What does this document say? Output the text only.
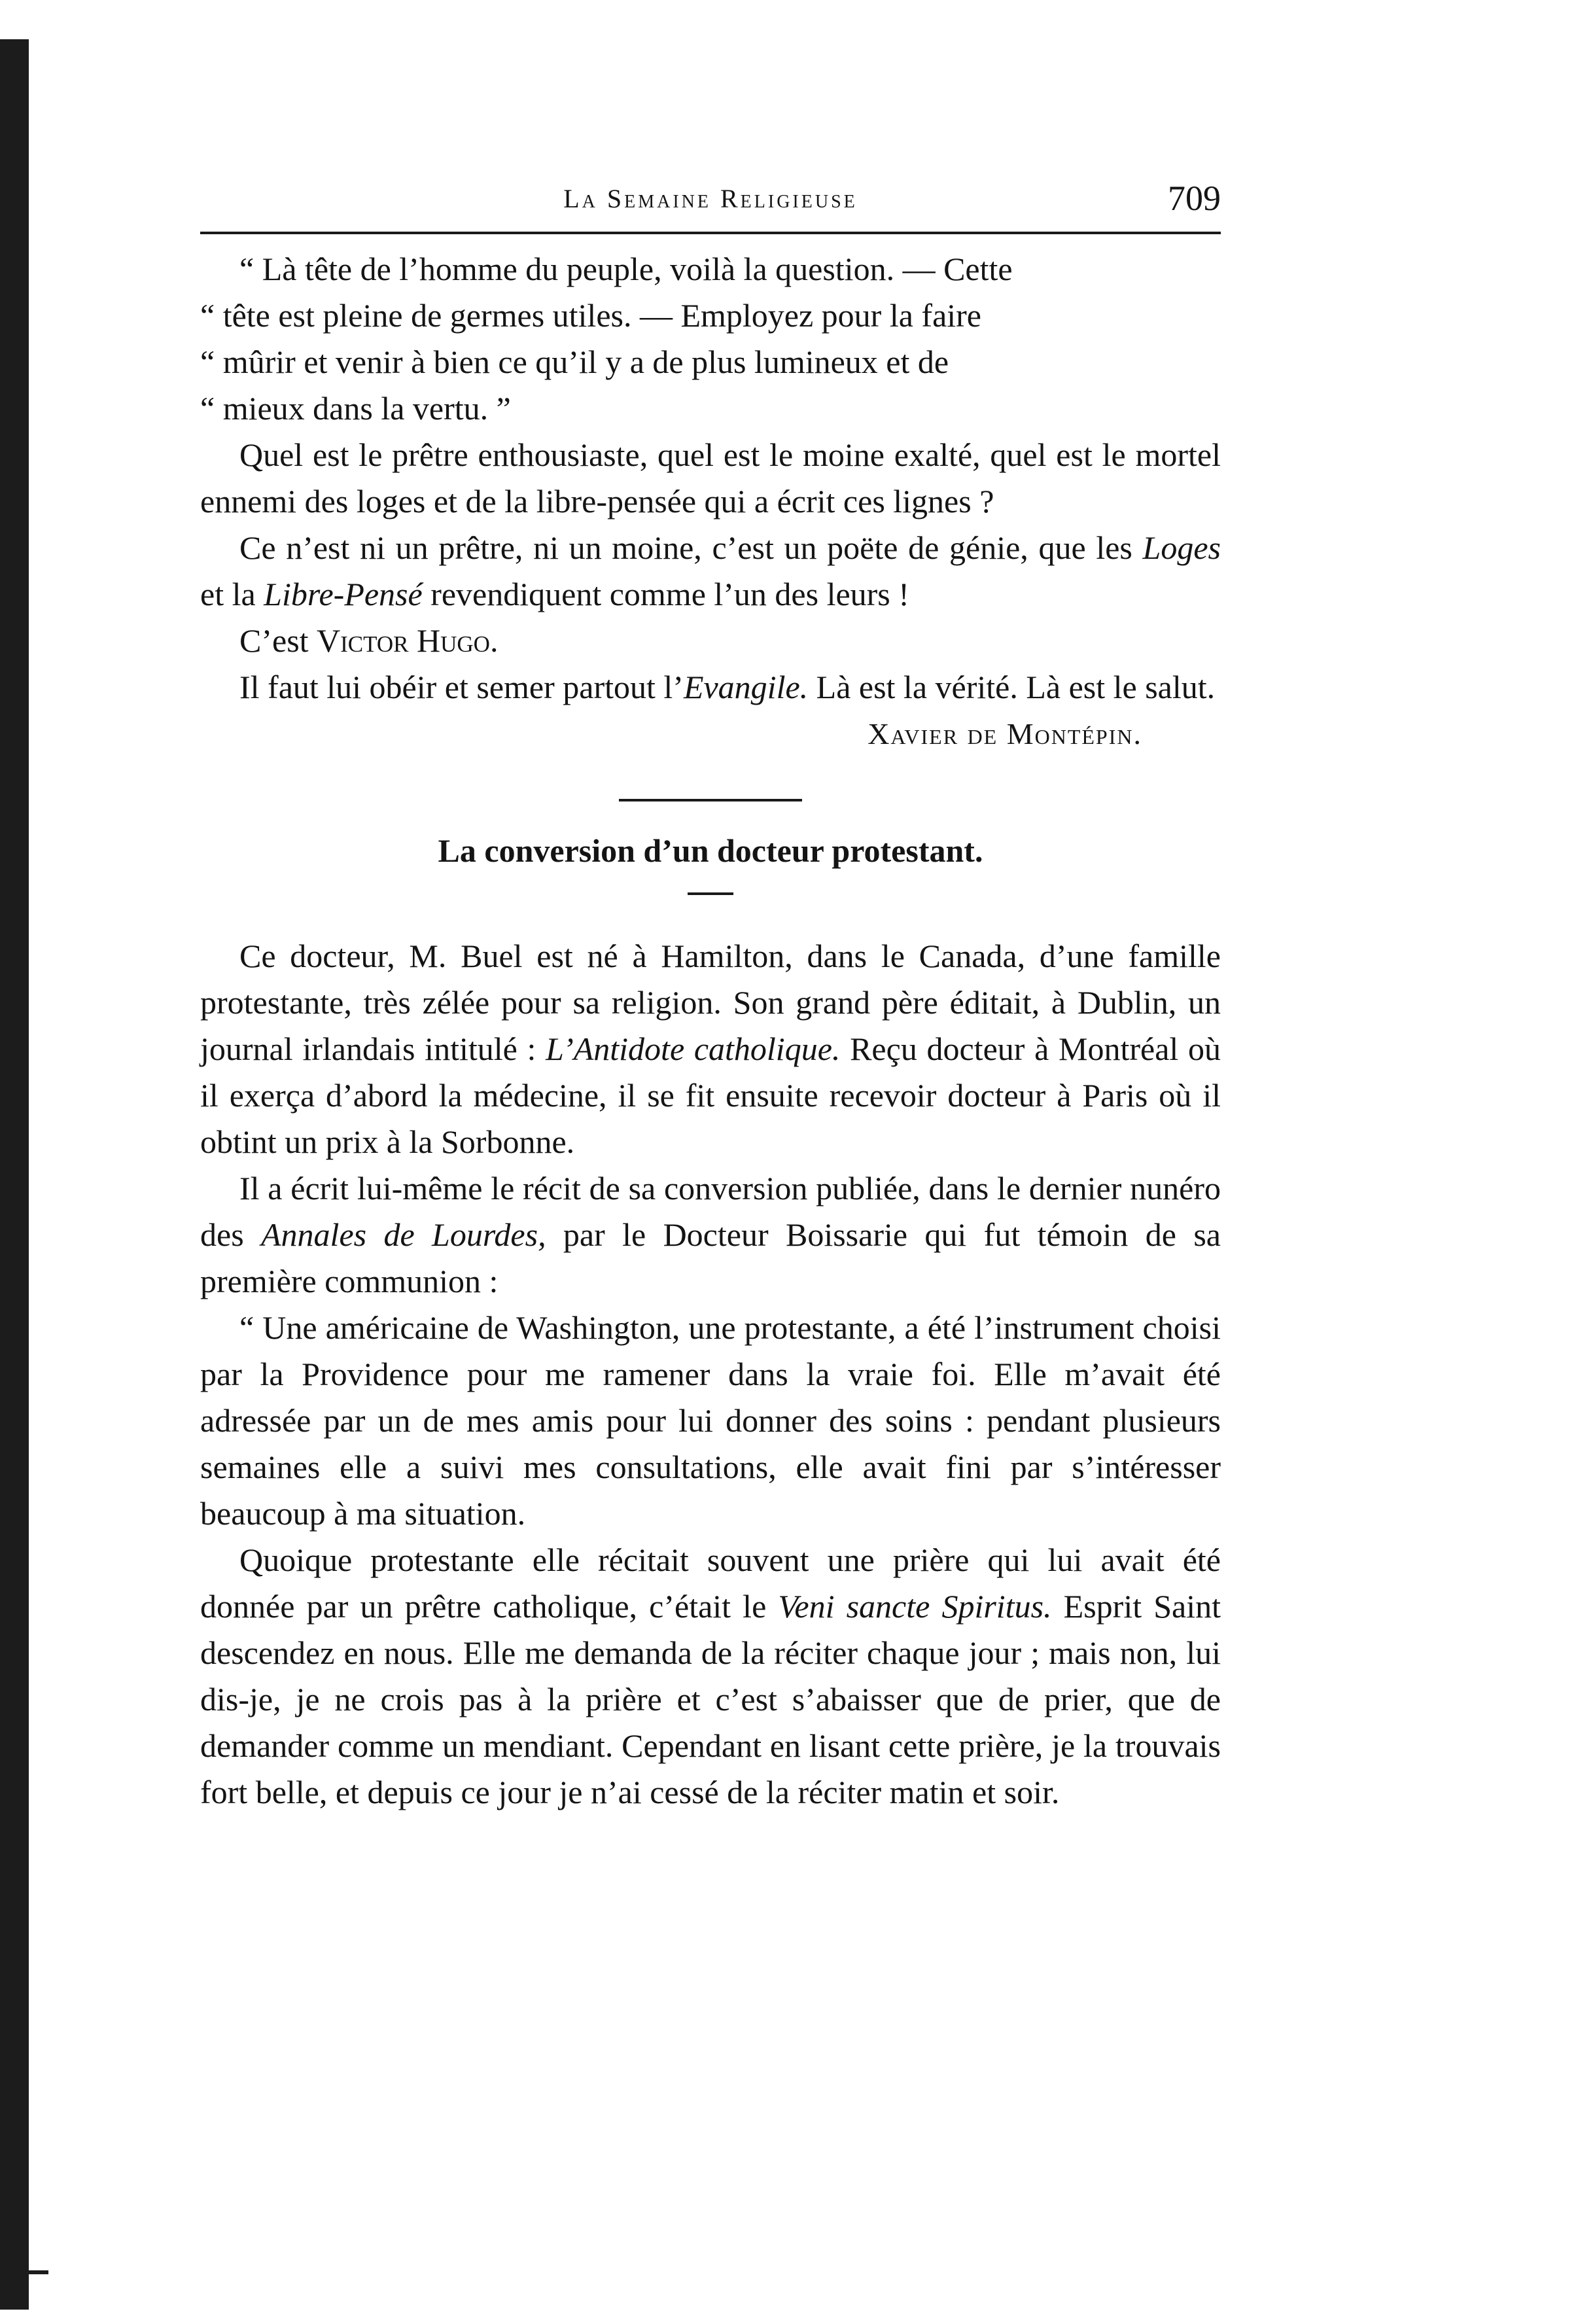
La Semaine Religieuse	709

“ Là tête de l’homme du peuple, voilà la question. — Cette

“ tête est pleine de germes utiles. — Employez pour la faire

“ mûrir et venir à bien ce qu’il y a de plus lumineux et de

“ mieux dans la vertu. ”

Quel est le prêtre enthousiaste, quel est le moine exalté, quel est le mortel ennemi des loges et de la libre-pensée qui a écrit ces lignes ?

Ce n’est ni un prêtre, ni un moine, c’est un poëte de génie, que les Loges et la Libre-Pensé revendiquent comme l’un des leurs !

C’est Victor Hugo.

Il faut lui obéir et semer partout l’Evangile. Là est la vérité. Là est le salut.

Xavier de Montépin.
La conversion d’un docteur protestant.

Ce docteur, M. Buel est né à Hamilton, dans le Canada, d’une famille protestante, très zélée pour sa religion. Son grand père éditait, à Dublin, un journal irlandais intitulé : L’Antidote catholique. Reçu docteur à Montréal où il exerça d’abord la médecine, il se fit ensuite recevoir docteur à Paris où il obtint un prix à la Sorbonne.

Il a écrit lui-même le récit de sa conversion publiée, dans le dernier nunéro des Annales de Lourdes, par le Docteur Boissarie qui fut témoin de sa première communion :

“ Une américaine de Washington, une protestante, a été l’instrument choisi par la Providence pour me ramener dans la vraie foi. Elle m’avait été adressée par un de mes amis pour lui donner des soins : pendant plusieurs semaines elle a suivi mes consultations, elle avait fini par s’intéresser beaucoup à ma situation.

Quoique protestante elle récitait souvent une prière qui lui avait été donnée par un prêtre catholique, c’était le Veni sancte Spiritus. Esprit Saint descendez en nous. Elle me demanda de la réciter chaque jour ; mais non, lui dis-je, je ne crois pas à la prière et c’est s’abaisser que de prier, que de demander comme un mendiant. Cependant en lisant cette prière, je la trouvais fort belle, et depuis ce jour je n’ai cessé de la réciter matin et soir.
